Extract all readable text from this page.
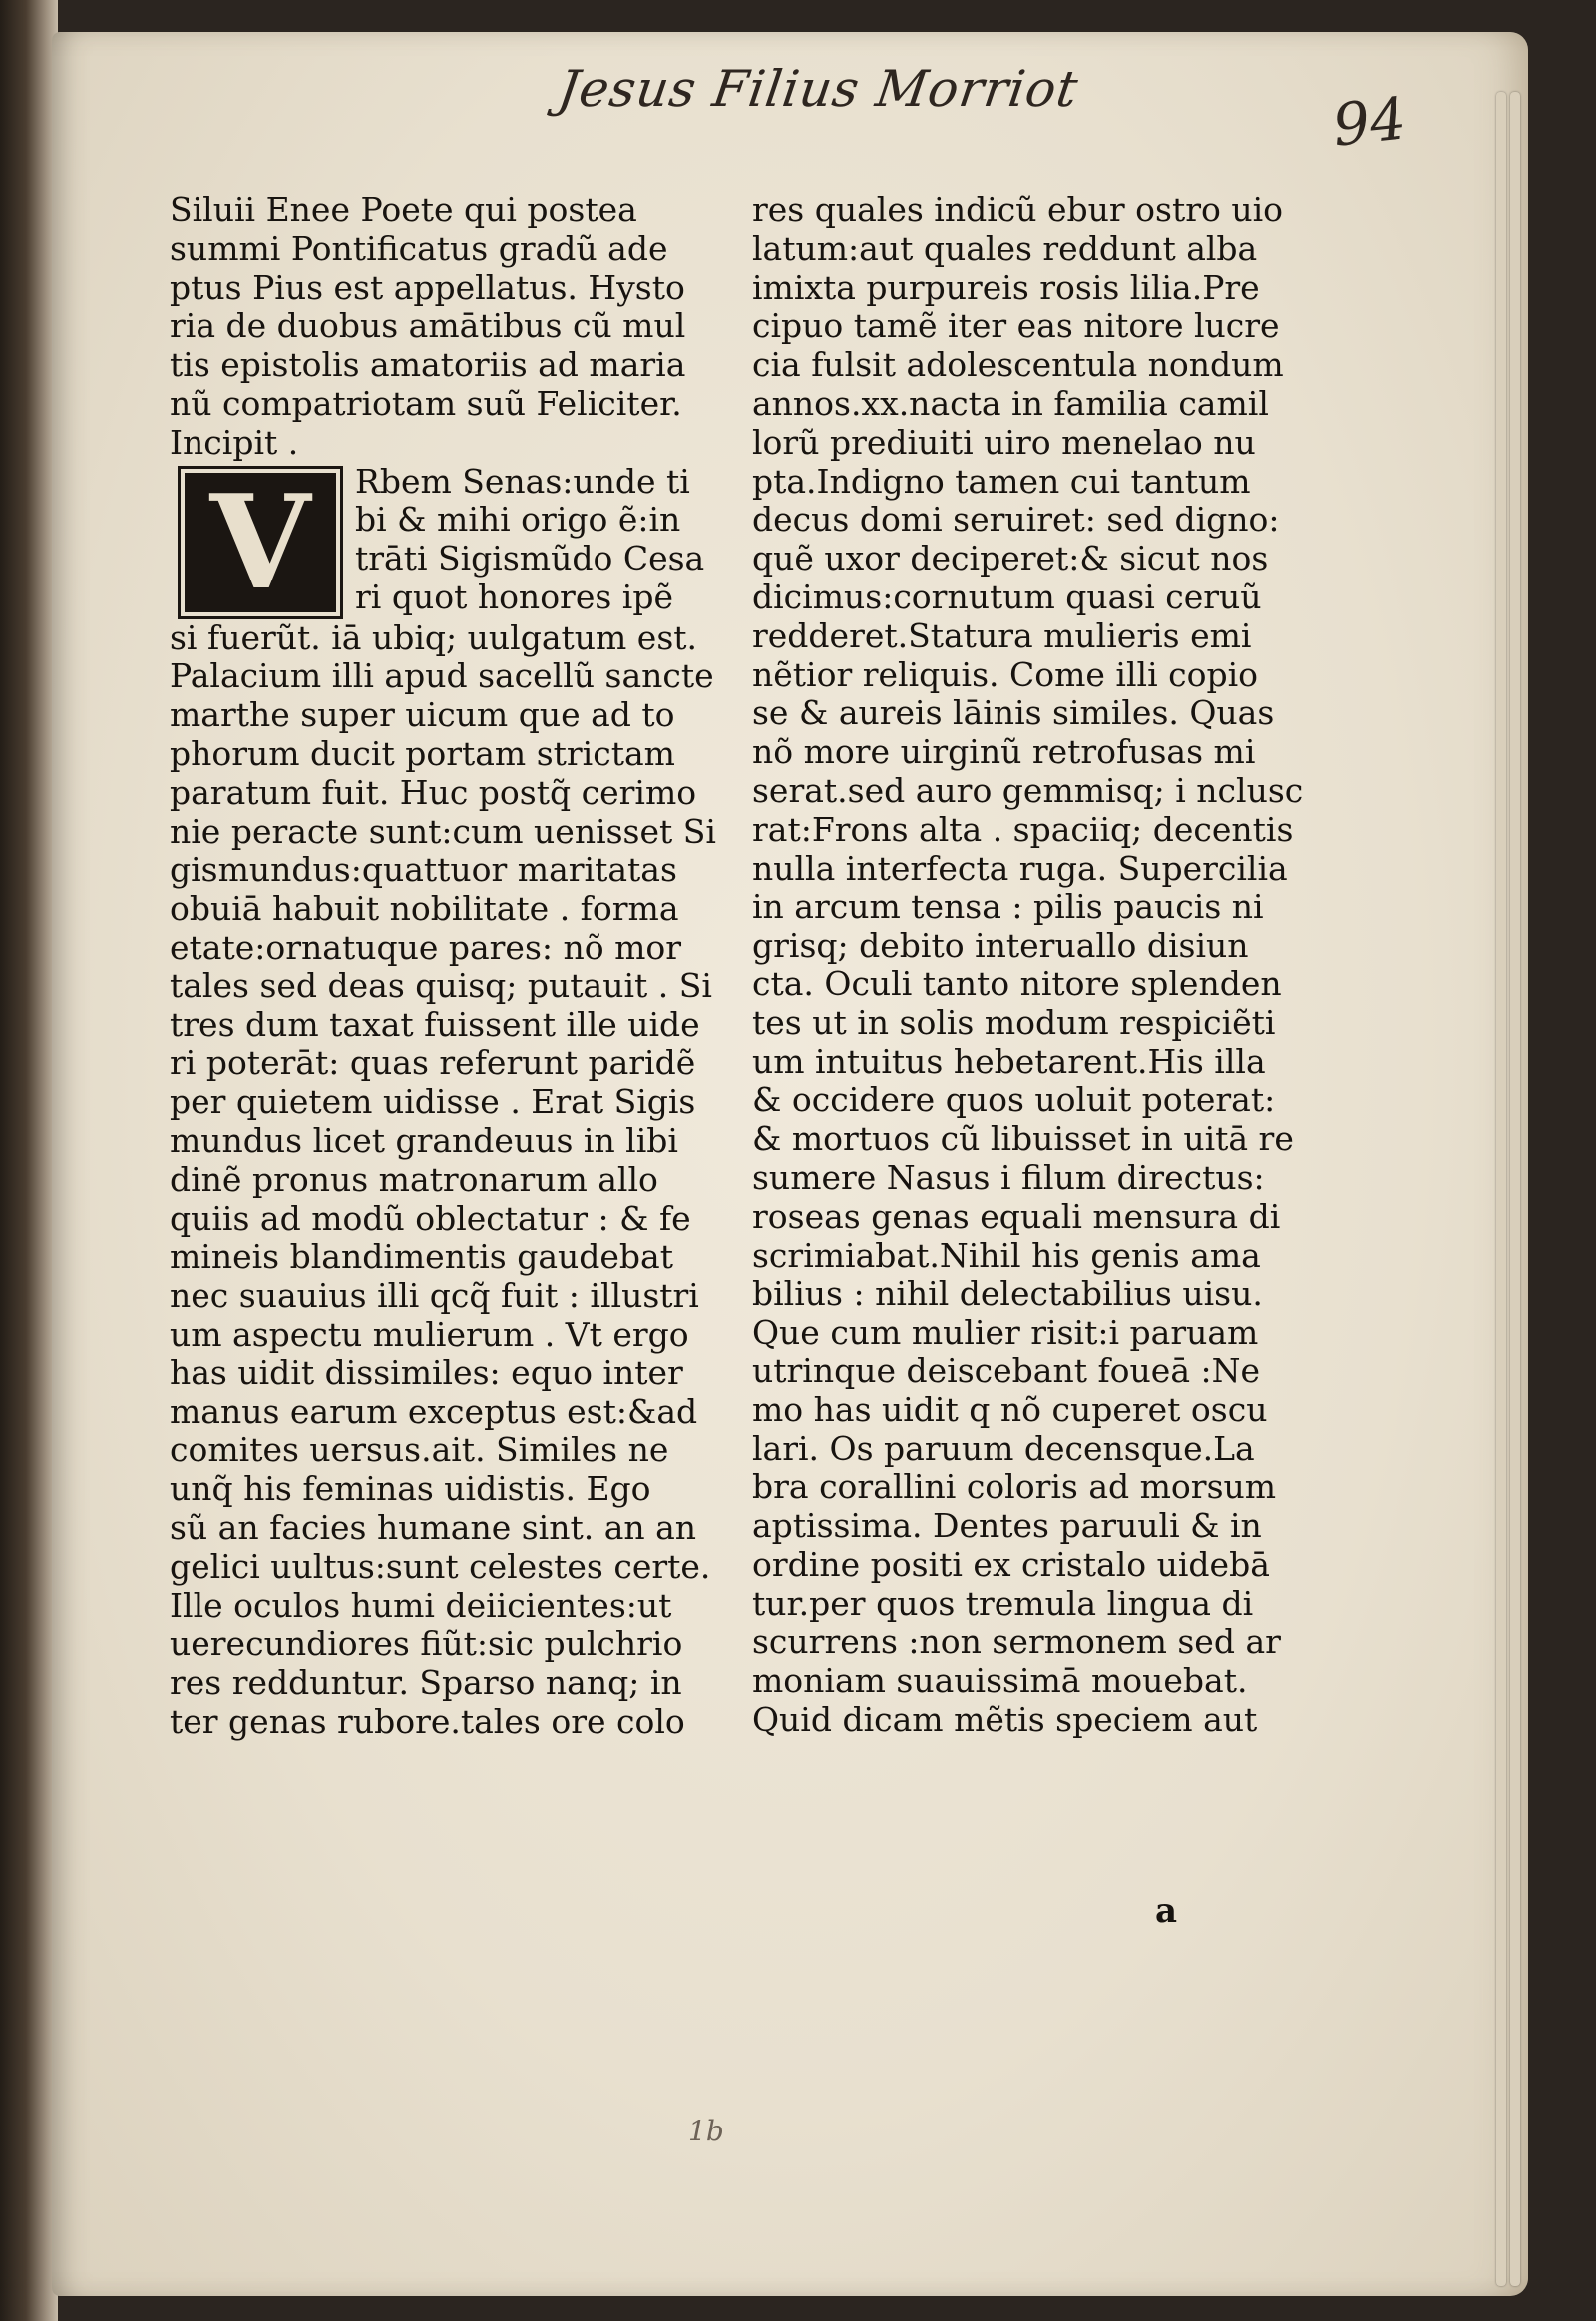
Jesus Filius Morriot	94
Siluii Enee Poete qui postea
summi Pontificatus gradũ ade
ptus Pius est appellatus. Hysto
ria de duobus amātibus cũ mul
tis epistolis amatoriis ad maria
nũ compatriotam suũ Feliciter.
Incipit .
V	Rbem Senas:unde ti
bi & mihi origo ẽ:in
trāti Sigismũdo Cesa
ri quot honores ipẽ
si fuerũt. iā ubiq; uulgatum est.
Palacium illi apud sacellũ sancte
marthe super uicum que ad to
phorum ducit portam strictam
paratum fuit. Huc postq̃ cerimo
nie peracte sunt:cum uenisset Si
gismundus:quattuor maritatas
obuiā habuit nobilitate . forma
etate:ornatuque pares: nõ mor
tales sed deas quisq; putauit . Si
tres dum taxat fuissent ille uide
ri poterāt: quas referunt paridẽ
per quietem uidisse . Erat Sigis
mundus licet grandeuus in libi
dinẽ pronus matronarum allo
quiis ad modũ oblectatur : & fe
mineis blandimentis gaudebat
nec suauius illi qcq̃ fuit : illustri
um aspectu mulierum . Vt ergo
has uidit dissimiles: equo inter
manus earum exceptus est:&ad
comites uersus.ait. Similes ne
unq̃ his feminas uidistis. Ego
sũ an facies humane sint. an an
gelici uultus:sunt celestes certe.
Ille oculos humi deiicientes:ut
uerecundiores fiũt:sic pulchrio
res redduntur. Sparso nanq; in
ter genas rubore.tales ore colo
res quales indicũ ebur ostro uio
latum:aut quales reddunt alba
imixta purpureis rosis lilia.Pre
cipuo tamẽ iter eas nitore lucre
cia fulsit adolescentula nondum
annos.xx.nacta in familia camil
lorũ prediuiti uiro menelao nu
pta.Indigno tamen cui tantum
decus domi seruiret: sed digno:
quẽ uxor deciperet:& sicut nos
dicimus:cornutum quasi ceruũ
redderet.Statura mulieris emi
nẽtior reliquis. Come illi copio
se & aureis lāinis similes. Quas
nõ more uirginũ retrofusas mi
serat.sed auro gemmisq; i nclusc
rat:Frons alta . spaciiq; decentis
nulla interfecta ruga. Supercilia
in arcum tensa : pilis paucis ni
grisq; debito interuallo disiun
cta. Oculi tanto nitore splenden
tes ut in solis modum respiciẽti
um intuitus hebetarent.His illa
& occidere quos uoluit poterat:
& mortuos cũ libuisset in uitā re
sumere Nasus i filum directus:
roseas genas equali mensura di
scrimiabat.Nihil his genis ama
bilius : nihil delectabilius uisu.
Que cum mulier risit:i paruam
utrinque deiscebant foueā :Ne
mo has uidit q nõ cuperet oscu
lari. Os paruum decensque.La
bra corallini coloris ad morsum
aptissima. Dentes paruuli & in
ordine positi ex cristalo uidebā
tur.per quos tremula lingua di
scurrens :non sermonem sed ar
moniam suauissimā mouebat.
Quid dicam mẽtis speciem aut
a
1b
